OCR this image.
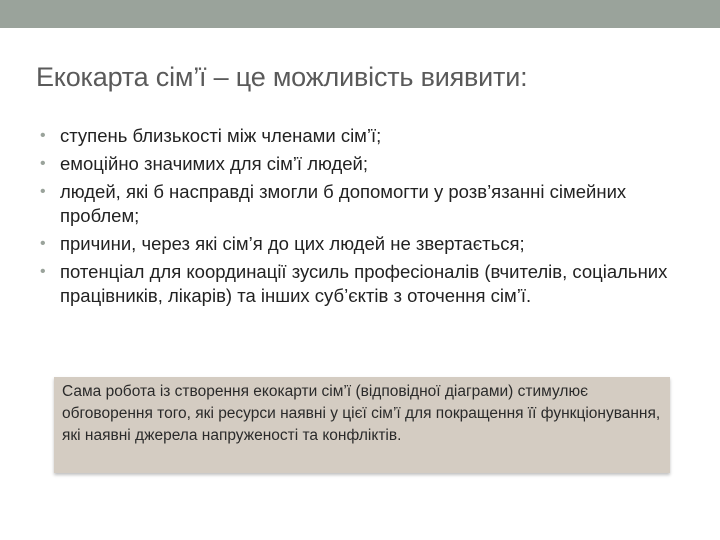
Екокарта сім’ї – це можливість виявити:
• ступень близькості між членами сім’ї;
• емоційно значимих для сім’ї людей;
• людей, які б насправді змогли б допомогти у розв’язанні сімейних проблем;
• причини, через які сім’я до цих людей не звертається;
• потенціал для координації зусиль професіоналів (вчителів, соціальних працівників, лікарів) та інших суб’єктів з оточення сім’ї.

Сама робота із створення екокарти сім’ї (відповідної діаграми) стимулює обговорення того, які ресурси наявні у цієї сім’ї для покращення її функціонування, які наявні джерела напруженості та конфліктів.
